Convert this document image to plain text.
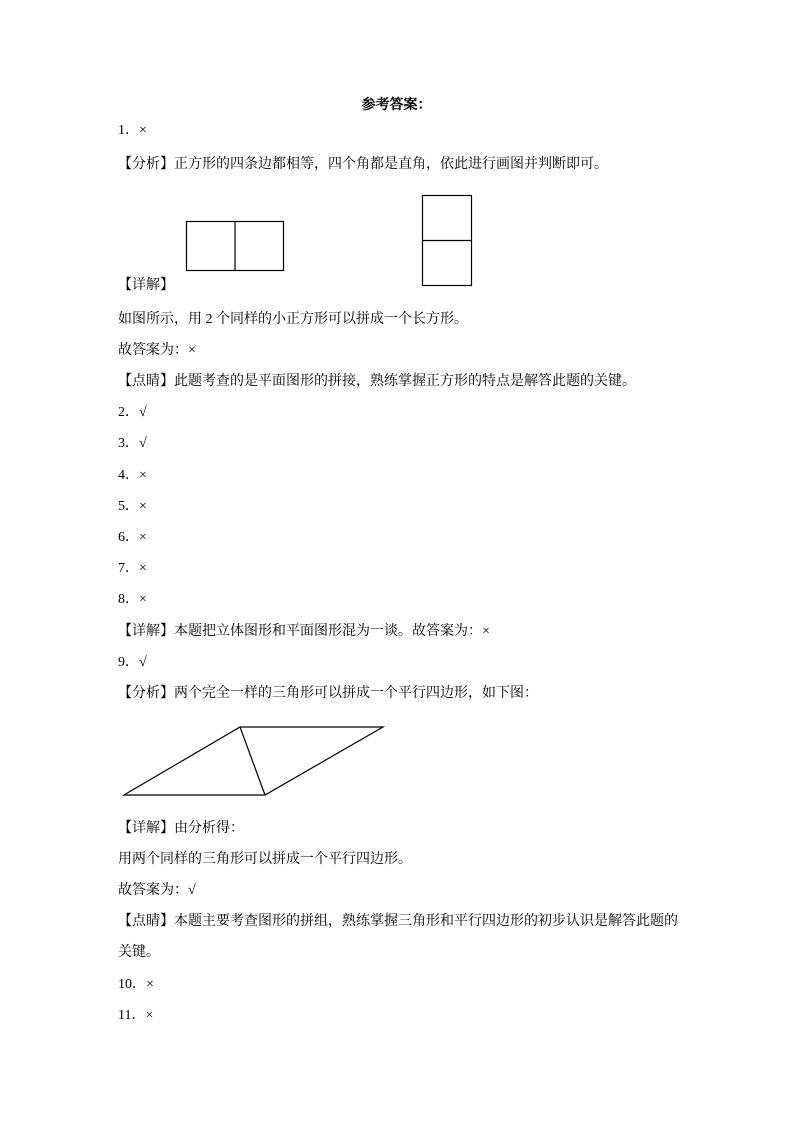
参考答案：
1．×
【分析】正方形的四条边都相等，四个角都是直角，依此进行画图并判断即可。
【详解】
如图所示，用 2 个同样的小正方形可以拼成一个长方形。
故答案为：×
【点睛】此题考查的是平面图形的拼接，熟练掌握正方形的特点是解答此题的关键。
2．√
3．√
4．×
5．×
6．×
7．×
8．×
【详解】本题把立体图形和平面图形混为一谈。故答案为：×
9．√
【分析】两个完全一样的三角形可以拼成一个平行四边形，如下图：
【详解】由分析得：
用两个同样的三角形可以拼成一个平行四边形。
故答案为：√
【点睛】本题主要考查图形的拼组，熟练掌握三角形和平行四边形的初步认识是解答此题的
关键。
10．×
11．×
